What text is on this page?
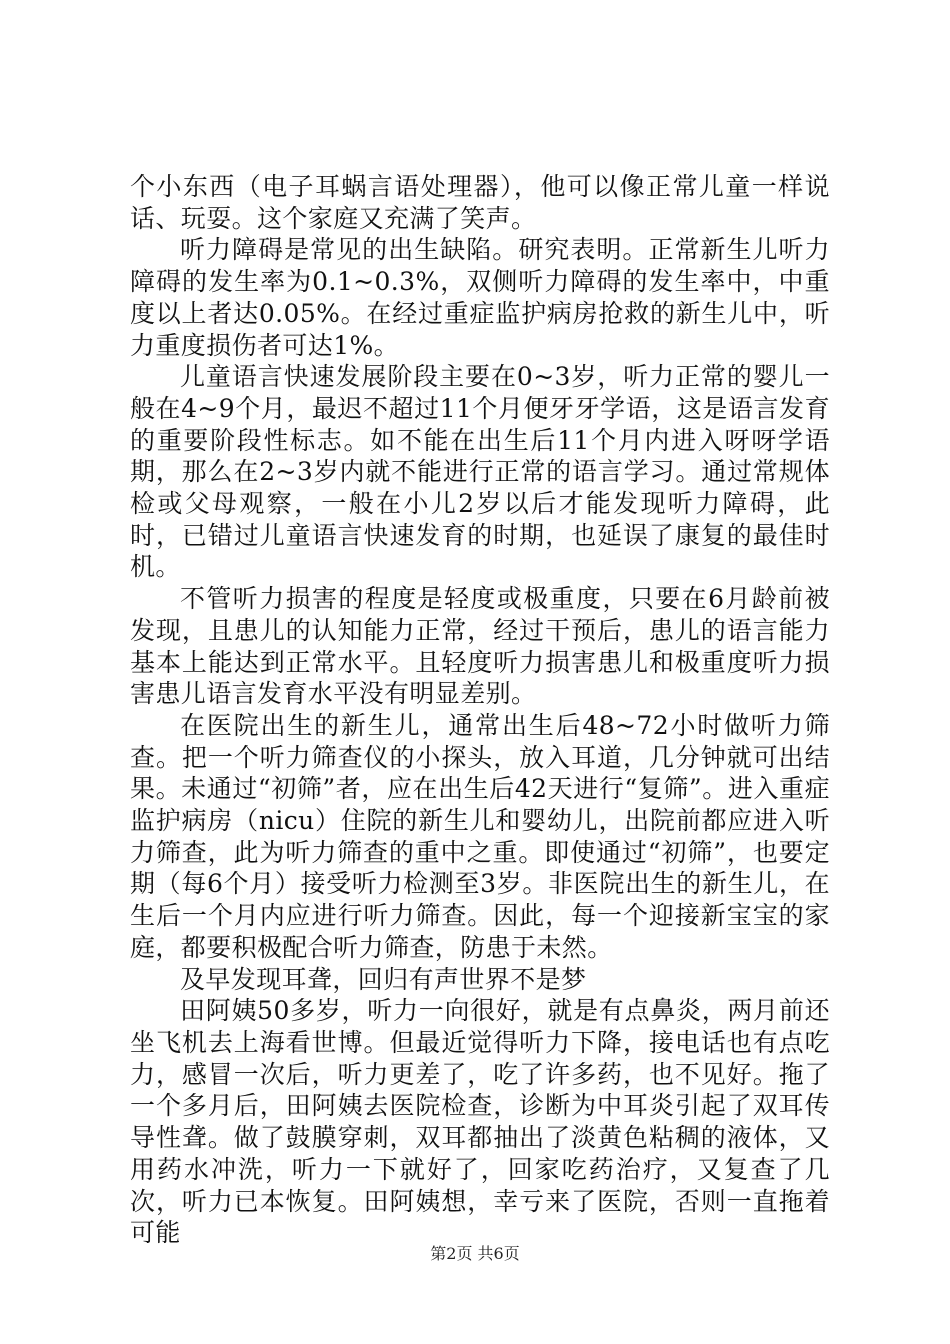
个小东西（电子耳蜗言语处理器），他可以像正常儿童一样说话、玩耍。这个家庭又充满了笑声。

听力障碍是常见的出生缺陷。研究表明。正常新生儿听力障碍的发生率为0.1~0.3%，双侧听力障碍的发生率中，中重度以上者达0.05%。在经过重症监护病房抢救的新生儿中，听力重度损伤者可达1%。

儿童语言快速发展阶段主要在0~3岁，听力正常的婴儿一般在4~9个月，最迟不超过11个月便牙牙学语，这是语言发育的重要阶段性标志。如不能在出生后11个月内进入呀呀学语期，那么在2~3岁内就不能进行正常的语言学习。通过常规体检或父母观察，一般在小儿2岁以后才能发现听力障碍，此时，已错过儿童语言快速发育的时期，也延误了康复的最佳时机。

不管听力损害的程度是轻度或极重度，只要在6月龄前被发现，且患儿的认知能力正常，经过干预后，患儿的语言能力基本上能达到正常水平。且轻度听力损害患儿和极重度听力损害患儿语言发育水平没有明显差别。

在医院出生的新生儿，通常出生后48~72小时做听力筛查。把一个听力筛查仪的小探头，放入耳道，几分钟就可出结果。未通过“初筛”者，应在出生后42天进行“复筛”。进入重症监护病房（nicu）住院的新生儿和婴幼儿，出院前都应进入听力筛查，此为听力筛查的重中之重。即使通过“初筛”，也要定期（每6个月）接受听力检测至3岁。非医院出生的新生儿，在生后一个月内应进行听力筛查。因此，每一个迎接新宝宝的家庭，都要积极配合听力筛查，防患于未然。

及早发现耳聋，回归有声世界不是梦

田阿姨50多岁，听力一向很好，就是有点鼻炎，两月前还坐飞机去上海看世博。但最近觉得听力下降，接电话也有点吃力，感冒一次后，听力更差了，吃了许多药，也不见好。拖了一个多月后，田阿姨去医院检查，诊断为中耳炎引起了双耳传导性聋。做了鼓膜穿刺，双耳都抽出了淡黄色粘稠的液体，又用药水冲洗，听力一下就好了，回家吃药治疗，又复查了几次，听力已本恢复。田阿姨想，幸亏来了医院，否则一直拖着可能

第2页 共6页
